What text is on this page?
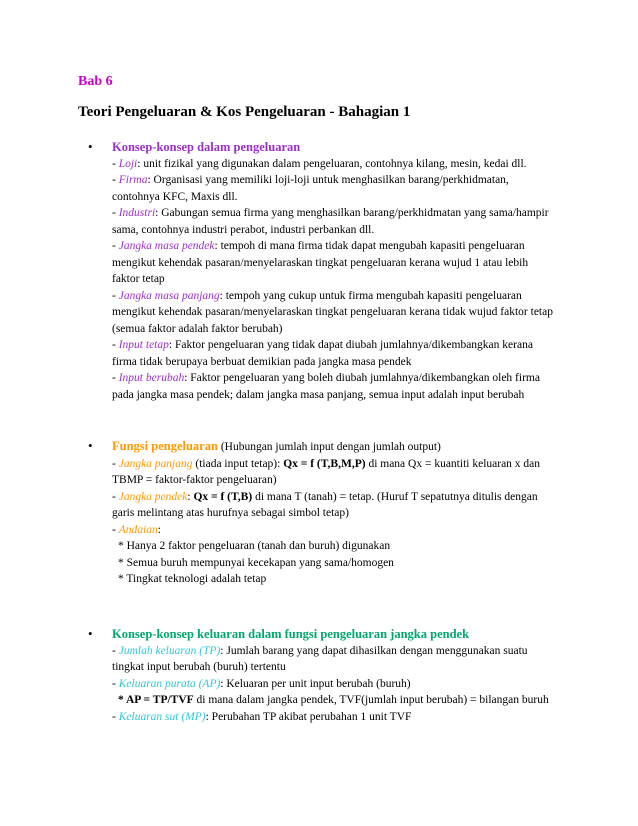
Bab 6
Teori Pengeluaran & Kos Pengeluaran - Bahagian 1
• Konsep-konsep dalam pengeluaran
- Loji: unit fizikal yang digunakan dalam pengeluaran, contohnya kilang, mesin, kedai dll.
- Firma: Organisasi yang memiliki loji-loji untuk menghasilkan barang/perkhidmatan, contohnya KFC, Maxis dll.
- Industri: Gabungan semua firma yang menghasilkan barang/perkhidmatan yang sama/hampir sama, contohnya industri perabot, industri perbankan dll.
- Jangka masa pendek: tempoh di mana firma tidak dapat mengubah kapasiti pengeluaran mengikut kehendak pasaran/menyelaraskan tingkat pengeluaran kerana wujud 1 atau lebih faktor tetap
- Jangka masa panjang: tempoh yang cukup untuk firma mengubah kapasiti pengeluaran mengikut kehendak pasaran/menyelaraskan tingkat pengeluaran kerana tidak wujud faktor tetap (semua faktor adalah faktor berubah)
- Input tetap: Faktor pengeluaran yang tidak dapat diubah jumlahnya/dikembangkan kerana firma tidak berupaya berbuat demikian pada jangka masa pendek
- Input berubah: Faktor pengeluaran yang boleh diubah jumlahnya/dikembangkan oleh firma pada jangka masa pendek; dalam jangka masa panjang, semua input adalah input berubah
• Fungsi pengeluaran (Hubungan jumlah input dengan jumlah output)
- Jangka panjang (tiada input tetap): Qx = f (T,B,M,P) di mana Qx = kuantiti keluaran x dan TBMP = faktor-faktor pengeluaran)
- Jangka pendek: Qx = f (T,B) di mana T (tanah) = tetap. (Huruf T sepatutnya ditulis dengan garis melintang atas hurufnya sebagai simbol tetap)
- Andaian:
* Hanya 2 faktor pengeluaran (tanah dan buruh) digunakan
* Semua buruh mempunyai kecekapan yang sama/homogen
* Tingkat teknologi adalah tetap
• Konsep-konsep keluaran dalam fungsi pengeluaran jangka pendek
- Jumlah keluaran (TP): Jumlah barang yang dapat dihasilkan dengan menggunakan suatu tingkat input berubah (buruh) tertentu
- Keluaran purata (AP): Keluaran per unit input berubah (buruh)
* AP = TP/TVF di mana dalam jangka pendek, TVF(jumlah input berubah) = bilangan buruh
- Keluaran sut (MP): Perubahan TP akibat perubahan 1 unit TVF
